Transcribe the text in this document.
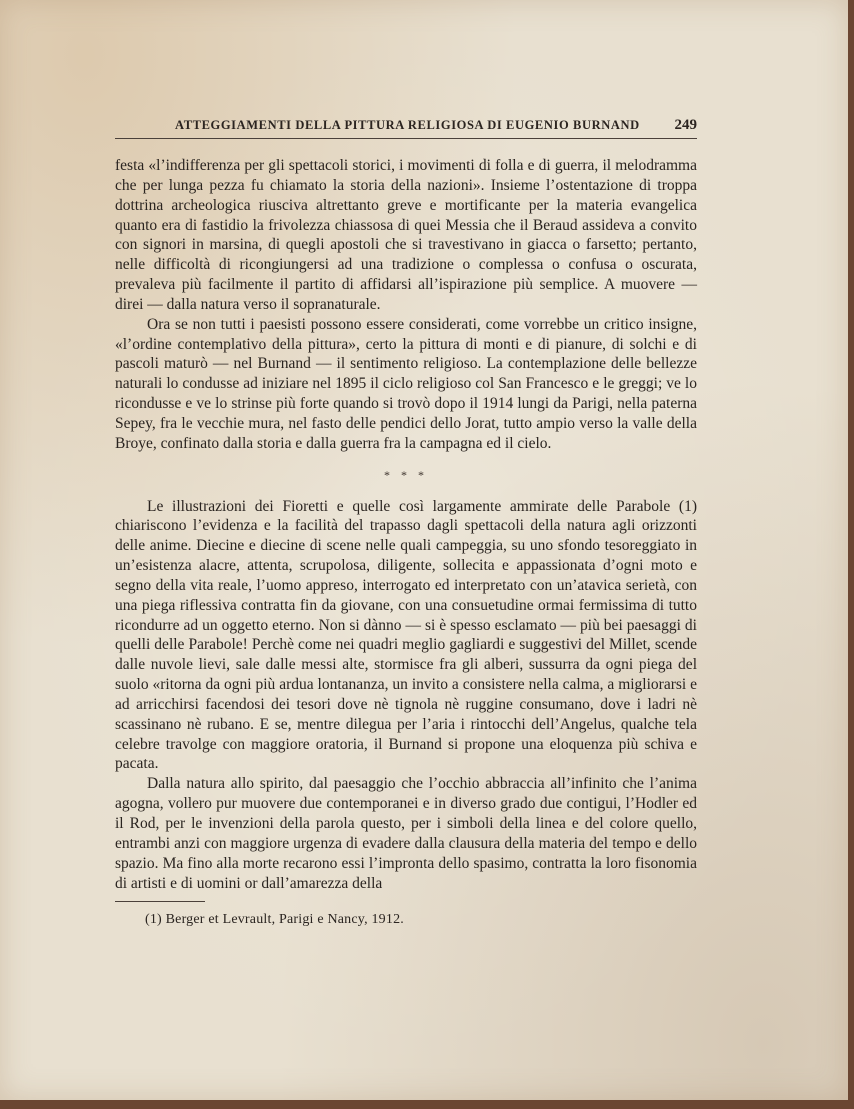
ATTEGGIAMENTI DELLA PITTURA RELIGIOSA DI EUGENIO BURNAND 249

festa «l’indifferenza per gli spettacoli storici, i movimenti di folla e di guerra, il melodramma che per lunga pezza fu chiamato la storia della nazioni». Insieme l’ostentazione di troppa dottrina archeologica riusciva altrettanto greve e mortificante per la materia evangelica quanto era di fastidio la frivolezza chiassosa di quei Messia che il Beraud assideva a convito con signori in marsina, di quegli apostoli che si travestivano in giacca o farsetto; pertanto, nelle difficoltà di ricongiungersi ad una tradizione o complessa o confusa o oscurata, prevaleva più facilmente il partito di affidarsi all’ispirazione più semplice. A muovere — direi — dalla natura verso il sopranaturale.

Ora se non tutti i paesisti possono essere considerati, come vorrebbe un critico insigne, «l’ordine contemplativo della pittura», certo la pittura di monti e di pianure, di solchi e di pascoli maturò — nel Burnand — il sentimento religioso. La contemplazione delle bellezze naturali lo condusse ad iniziare nel 1895 il ciclo religioso col San Francesco e le greggi; ve lo ricondusse e ve lo strinse più forte quando si trovò dopo il 1914 lungi da Parigi, nella paterna Sepey, fra le vecchie mura, nel fasto delle pendici dello Jorat, tutto ampio verso la valle della Broye, confinato dalla storia e dalla guerra fra la campagna ed il cielo.

* * *

Le illustrazioni dei Fioretti e quelle così largamente ammirate delle Parabole (1) chiariscono l’evidenza e la facilità del trapasso dagli spettacoli della natura agli orizzonti delle anime. Diecine e diecine di scene nelle quali campeggia, su uno sfondo tesoreggiato in un’esistenza alacre, attenta, scrupolosa, diligente, sollecita e appassionata d’ogni moto e segno della vita reale, l’uomo appreso, interrogato ed interpretato con un’atavica serietà, con una piega riflessiva contratta fin da giovane, con una consuetudine ormai fermissima di tutto ricondurre ad un oggetto eterno. Non si dànno — si è spesso esclamato — più bei paesaggi di quelli delle Parabole! Perchè come nei quadri meglio gagliardi e suggestivi del Millet, scende dalle nuvole lievi, sale dalle messi alte, stormisce fra gli alberi, sussurra da ogni piega del suolo «ritorna da ogni più ardua lontananza, un invito a consistere nella calma, a migliorarsi e ad arricchirsi facendosi dei tesori dove nè tignola nè ruggine consumano, dove i ladri nè scassinano nè rubano. E se, mentre dilegua per l’aria i rintocchi dell’Angelus, qualche tela celebre travolge con maggiore oratoria, il Burnand si propone una eloquenza più schiva e pacata.

Dalla natura allo spirito, dal paesaggio che l’occhio abbraccia all’infinito che l’anima agogna, vollero pur muovere due contemporanei e in diverso grado due contigui, l’Hodler ed il Rod, per le invenzioni della parola questo, per i simboli della linea e del colore quello, entrambi anzi con maggiore urgenza di evadere dalla clausura della materia del tempo e dello spazio. Ma fino alla morte recarono essi l’impronta dello spasimo, contratta la loro fisonomia di artisti e di uomini or dall’amarezza della

(1) Berger et Levrault, Parigi e Nancy, 1912.
